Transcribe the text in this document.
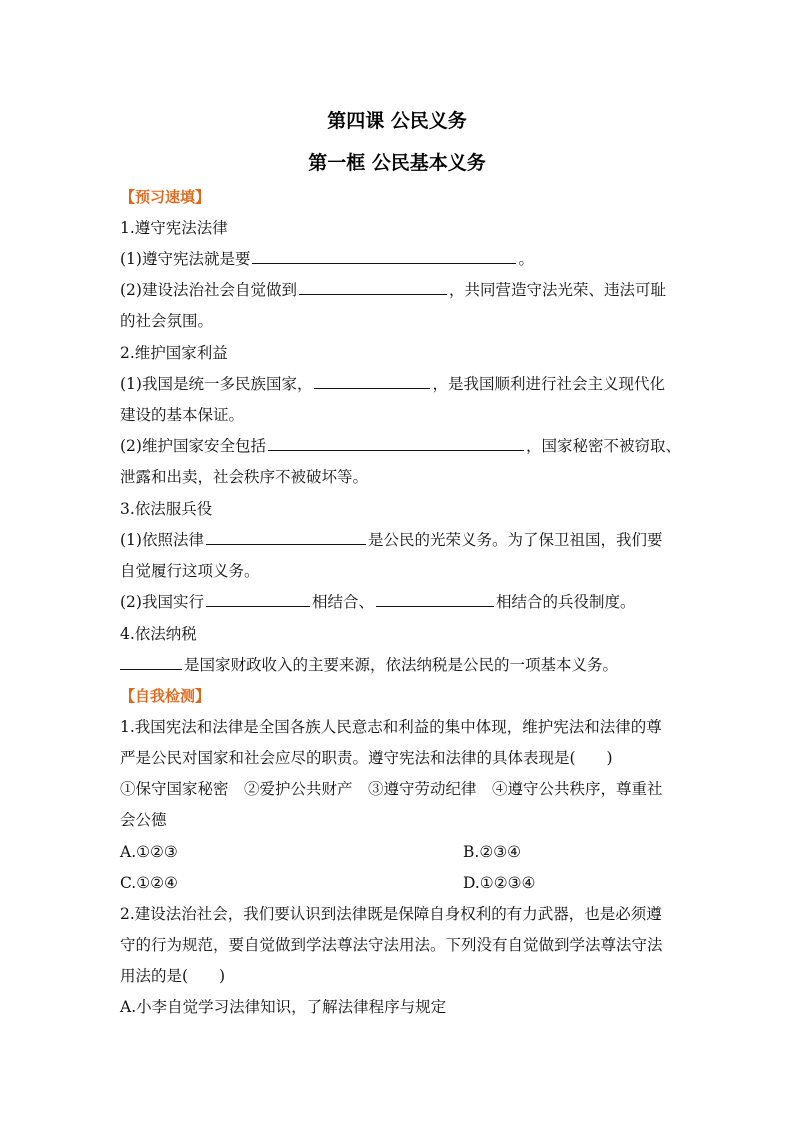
第四课 公民义务
第一框 公民基本义务
【预习速填】
1.遵守宪法法律
(1)遵守宪法就是要	。
(2)建设法治社会自觉做到	，共同营造守法光荣、违法可耻
的社会氛围。
2.维护国家利益
(1)我国是统一多民族国家，	，是我国顺利进行社会主义现代化
建设的基本保证。
(2)维护国家安全包括	，国家秘密不被窃取、
泄露和出卖，社会秩序不被破坏等。
3.依法服兵役
(1)依照法律	是公民的光荣义务。为了保卫祖国，我们要
自觉履行这项义务。
(2)我国实行	相结合、	相结合的兵役制度。
4.依法纳税
是国家财政收入的主要来源，依法纳税是公民的一项基本义务。
【自我检测】
1.我国宪法和法律是全国各族人民意志和利益的集中体现，维护宪法和法律的尊
严是公民对国家和社会应尽的职责。遵守宪法和法律的具体表现是(　　)
①保守国家秘密　②爱护公共财产　③遵守劳动纪律　④遵守公共秩序，尊重社
会公德
A.①②③	B.②③④
C.①②④	D.①②③④
2.建设法治社会，我们要认识到法律既是保障自身权利的有力武器，也是必须遵
守的行为规范，要自觉做到学法尊法守法用法。下列没有自觉做到学法尊法守法
用法的是(　　)
A.小李自觉学习法律知识，了解法律程序与规定
